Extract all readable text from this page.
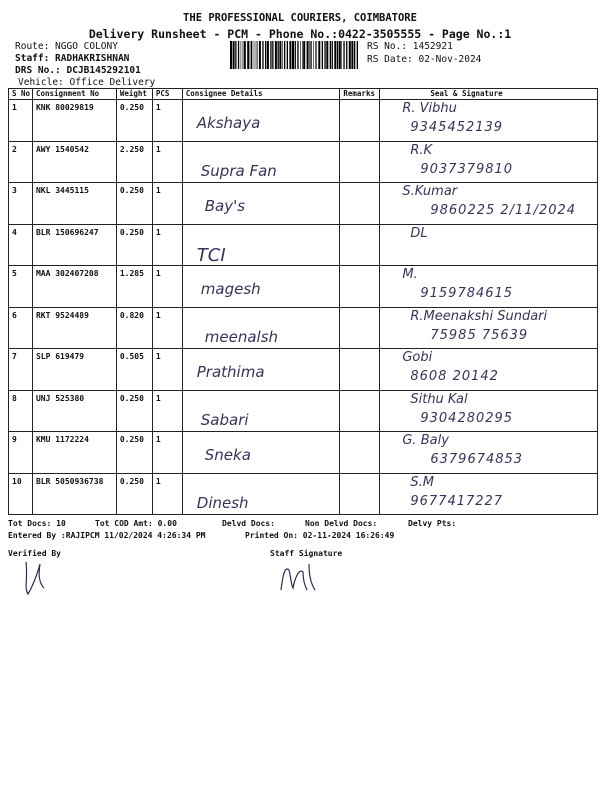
THE PROFESSIONAL COURIERS, COIMBATORE
Delivery Runsheet - PCM - Phone No.:0422-3505555 - Page No.:1
Route: NGGO COLONY
Staff: RADHAKRISHNAN
DRS No.: DCJB145292101
Vehicle: Office Delivery
RS No.: 1452921
RS Date: 02-Nov-2024
S No	Consignment No	Weight	PCS	Consignee Details	Remarks	Seal & Signature
1	KNK 80029819	0.250	1	Akshaya		R. Vibhu
9345452139

2	AWY 1540542	2.250	1	Supra Fan		R.K
9037379810

3	NKL 3445115	0.250	1	Bay's		S.Kumar
9860225 2/11/2024

4	BLR 150696247	0.250	1	TCI		DL

5	MAA 302407208	1.285	1	magesh		M.
9159784615

6	RKT 9524489	0.820	1	meenalsh		R.Meenakshi Sundari
75985 75639

7	SLP 619479	0.505	1	Prathima		Gobi
8608 20142

8	UNJ 525380	0.250	1	Sabari		Sithu Kal
9304280295

9	KMU 1172224	0.250	1	Sneka		G. Baly
6379674853

10	BLR 5050936738	0.250	1	Dinesh		S.M
9677417227
Tot Docs: 10	Tot COD Amt: 0.00	Delvd Docs:	Non Delvd Docs:	Delvy Pts:
Entered By :RAJIPCM 11/02/2024 4:26:34 PM	Printed On: 02-11-2024 16:26:49
Verified By	Staff Signature
